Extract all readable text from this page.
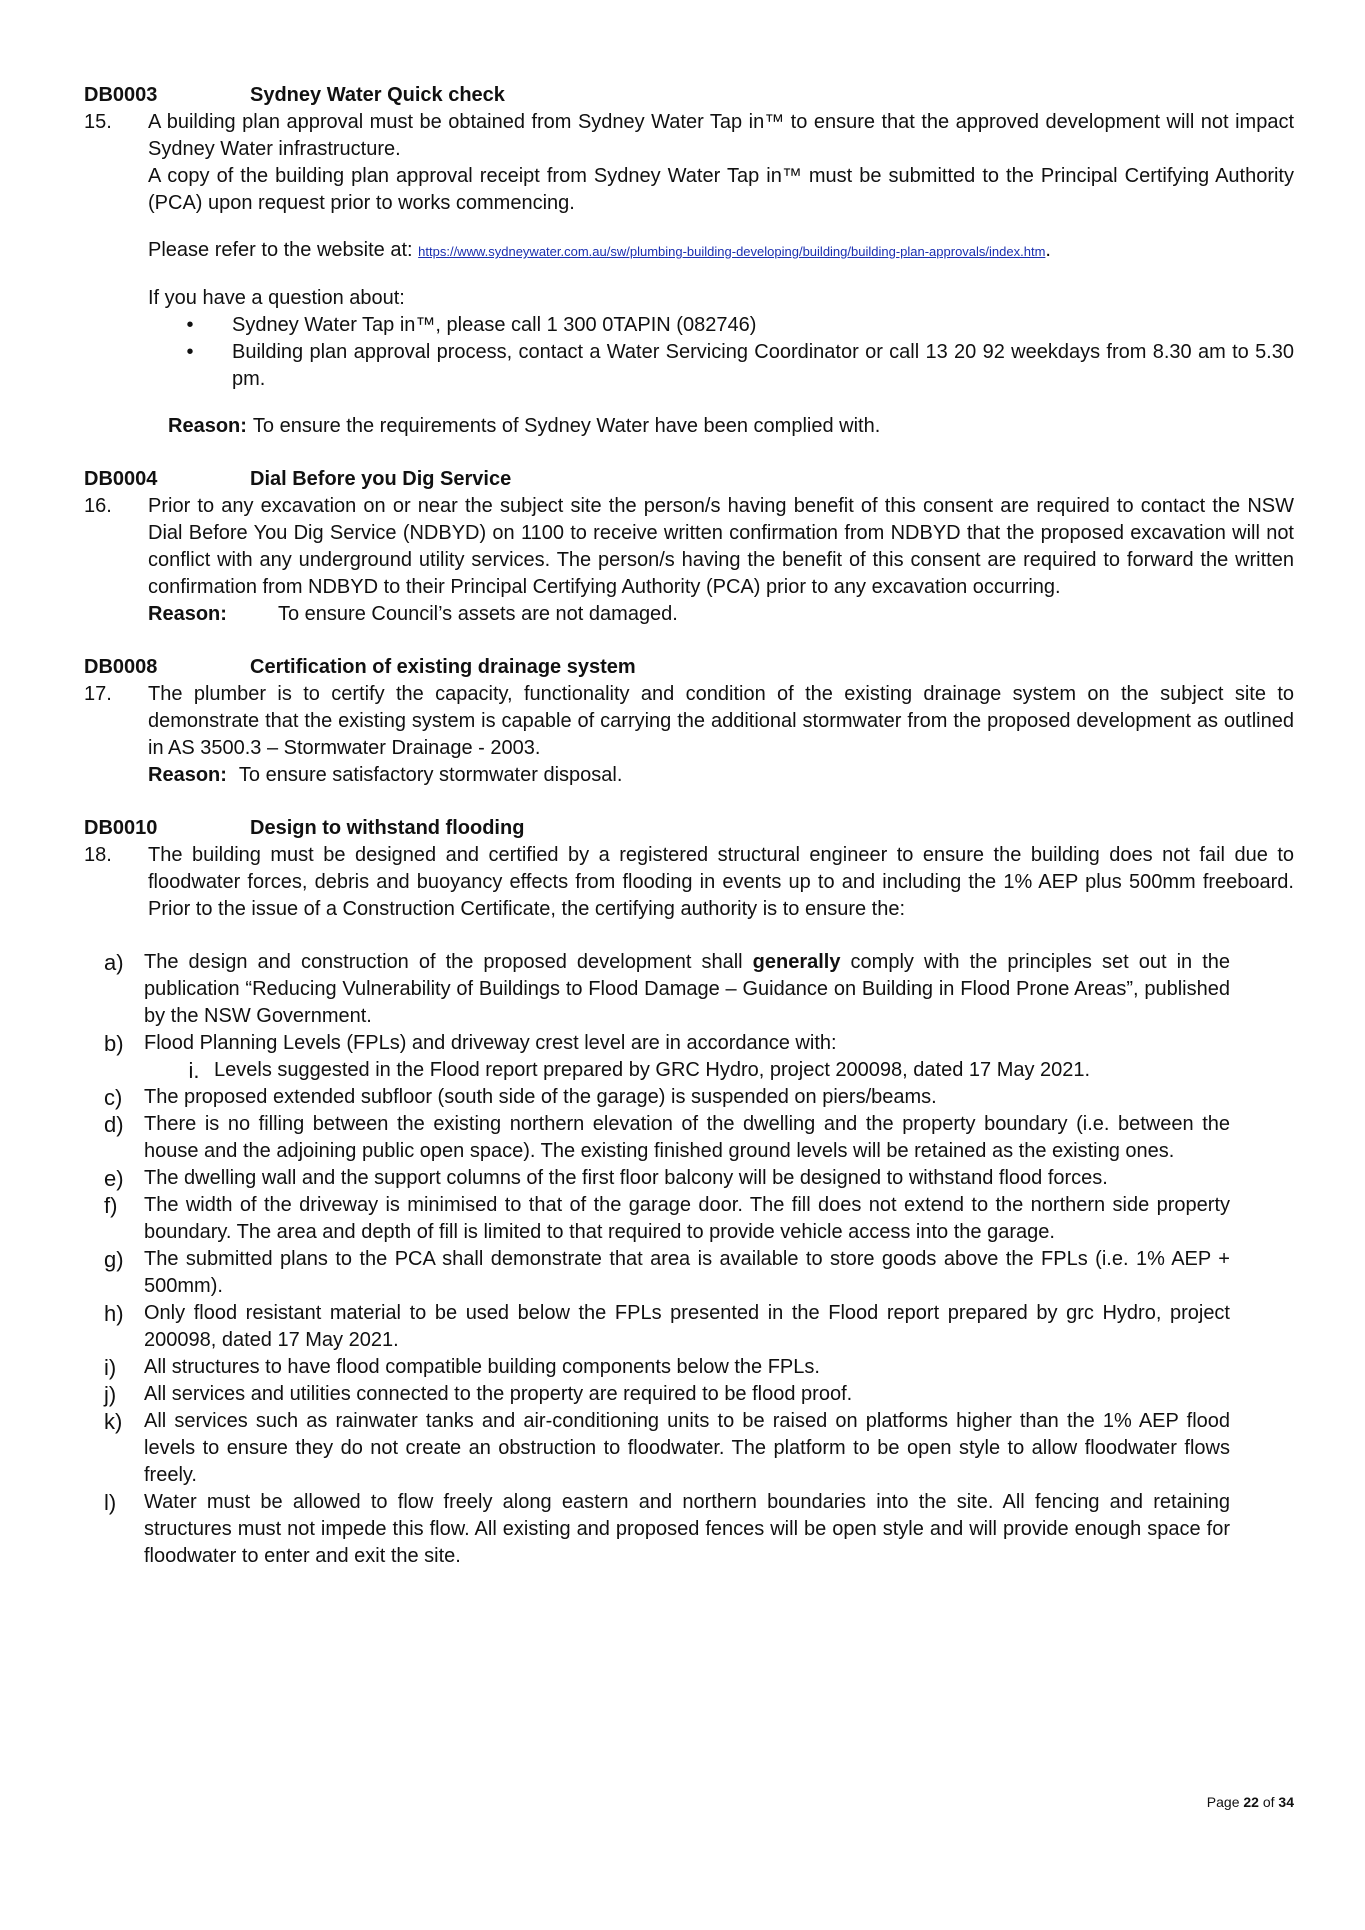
DB0003	Sydney Water Quick check
15.	A building plan approval must be obtained from Sydney Water Tap in™ to ensure that the approved development will not impact Sydney Water infrastructure.

A copy of the building plan approval receipt from Sydney Water Tap in™ must be submitted to the Principal Certifying Authority (PCA) upon request prior to works commencing.

Please refer to the website at: https://www.sydneywater.com.au/sw/plumbing-building-developing/building/building-plan-approvals/index.htm.

If you have a question about:

•	Sydney Water Tap in™, please call 1 300 0TAPIN (082746)
•	Building plan approval process, contact a Water Servicing Coordinator or call 13 20 92 weekdays from 8.30 am to 5.30 pm.
Reason: To ensure the requirements of Sydney Water have been complied with.
DB0004	Dial Before you Dig Service
16.	Prior to any excavation on or near the subject site the person/s having benefit of this consent are required to contact the NSW Dial Before You Dig Service (NDBYD) on 1100 to receive written confirmation from NDBYD that the proposed excavation will not conflict with any underground utility services. The person/s having the benefit of this consent are required to forward the written confirmation from NDBYD to their Principal Certifying Authority (PCA) prior to any excavation occurring.

Reason:	To ensure Council’s assets are not damaged.
DB0008	Certification of existing drainage system
17.	The plumber is to certify the capacity, functionality and condition of the existing drainage system on the subject site to demonstrate that the existing system is capable of carrying the additional stormwater from the proposed development as outlined in AS 3500.3 – Stormwater Drainage - 2003.

Reason: To ensure satisfactory stormwater disposal.
DB0010	Design to withstand flooding
18.	The building must be designed and certified by a registered structural engineer to ensure the building does not fail due to floodwater forces, debris and buoyancy effects from flooding in events up to and including the 1% AEP plus 500mm freeboard. Prior to the issue of a Construction Certificate, the certifying authority is to ensure the:

a)	The design and construction of the proposed development shall generally comply with the principles set out in the publication “Reducing Vulnerability of Buildings to Flood Damage – Guidance on Building in Flood Prone Areas”, published by the NSW Government.
b)	Flood Planning Levels (FPLs) and driveway crest level are in accordance with:
i. Levels suggested in the Flood report prepared by GRC Hydro, project 200098, dated 17 May 2021.
c)	The proposed extended subfloor (south side of the garage) is suspended on piers/beams.
d)	There is no filling between the existing northern elevation of the dwelling and the property boundary (i.e. between the house and the adjoining public open space). The existing finished ground levels will be retained as the existing ones.
e)	The dwelling wall and the support columns of the first floor balcony will be designed to withstand flood forces.
f)	The width of the driveway is minimised to that of the garage door. The fill does not extend to the northern side property boundary. The area and depth of fill is limited to that required to provide vehicle access into the garage.
g)	The submitted plans to the PCA shall demonstrate that area is available to store goods above the FPLs (i.e. 1% AEP + 500mm).
h)	Only flood resistant material to be used below the FPLs presented in the Flood report prepared by grc Hydro, project 200098, dated 17 May 2021.
i)	All structures to have flood compatible building components below the FPLs.
j)	All services and utilities connected to the property are required to be flood proof.
k)	All services such as rainwater tanks and air-conditioning units to be raised on platforms higher than the 1% AEP flood levels to ensure they do not create an obstruction to floodwater. The platform to be open style to allow floodwater flows freely.
l)	Water must be allowed to flow freely along eastern and northern boundaries into the site. All fencing and retaining structures must not impede this flow. All existing and proposed fences will be open style and will provide enough space for floodwater to enter and exit the site.
Page 22 of 34
